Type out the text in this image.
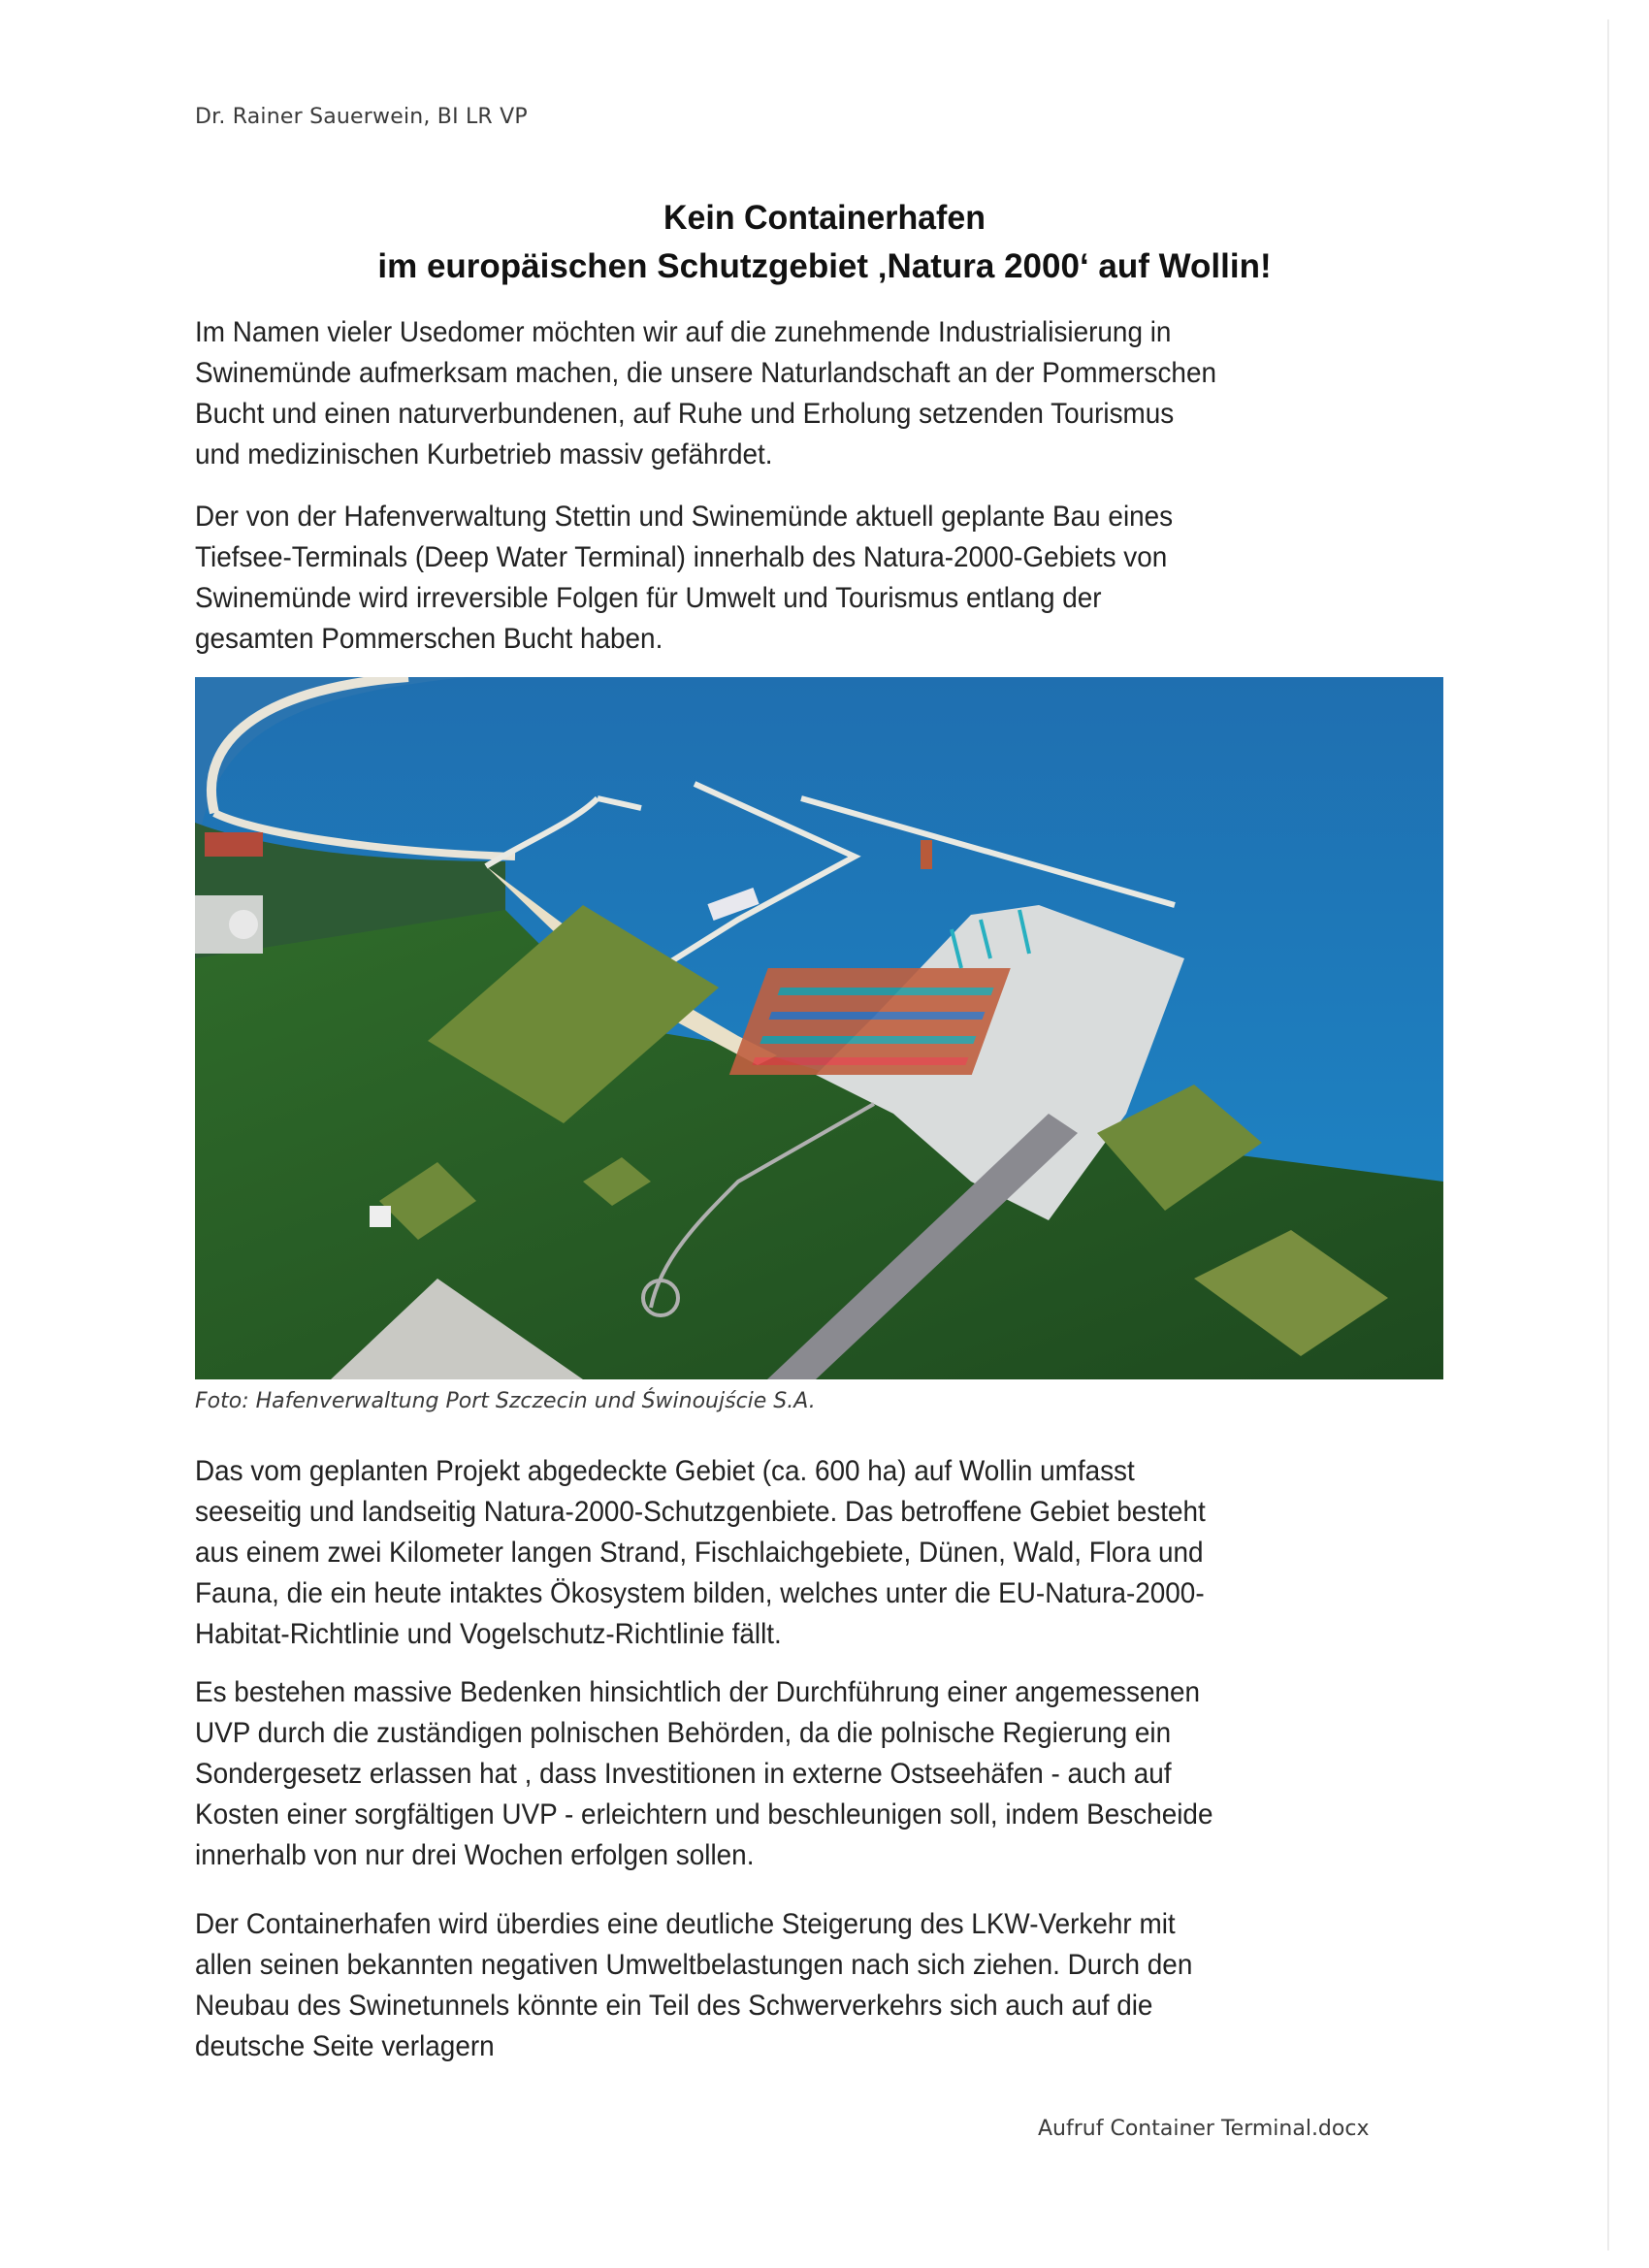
Dr. Rainer Sauerwein, BI LR VP
Kein Containerhafen
im europäischen Schutzgebiet ‚Natura 2000‘ auf Wollin!
Im Namen vieler Usedomer möchten wir auf die zunehmende Industrialisierung in
Swinemünde aufmerksam machen, die unsere Naturlandschaft an der Pommerschen
Bucht und einen naturverbundenen, auf Ruhe und Erholung setzenden Tourismus
und medizinischen Kurbetrieb massiv gefährdet.
Der von der Hafenverwaltung Stettin und Swinemünde aktuell geplante Bau eines
Tiefsee-Terminals (Deep Water Terminal) innerhalb des Natura-2000-Gebiets von
Swinemünde wird irreversible Folgen für Umwelt und Tourismus entlang der
gesamten Pommerschen Bucht haben.
Foto: Hafenverwaltung Port Szczecin und Świnoujście S.A.
Das vom geplanten Projekt abgedeckte Gebiet (ca. 600 ha) auf Wollin umfasst
seeseitig und landseitig Natura-2000-Schutzgenbiete. Das betroffene Gebiet besteht
aus einem zwei Kilometer langen Strand, Fischlaichgebiete, Dünen, Wald, Flora und
Fauna, die ein heute intaktes Ökosystem bilden, welches unter die EU-Natura-2000-
Habitat-Richtlinie und Vogelschutz-Richtlinie fällt.
Es bestehen massive Bedenken hinsichtlich der Durchführung einer angemessenen
UVP durch die zuständigen polnischen Behörden, da die polnische Regierung ein
Sondergesetz erlassen hat , dass Investitionen in externe Ostseehäfen - auch auf
Kosten einer sorgfältigen UVP - erleichtern und beschleunigen soll, indem Bescheide
innerhalb von nur drei Wochen erfolgen sollen.
Der Containerhafen wird überdies eine deutliche Steigerung des LKW-Verkehr mit
allen seinen bekannten negativen Umweltbelastungen nach sich ziehen. Durch den
Neubau des Swinetunnels könnte ein Teil des Schwerverkehrs sich auch auf die
deutsche Seite verlagern
Aufruf Container Terminal.docx
